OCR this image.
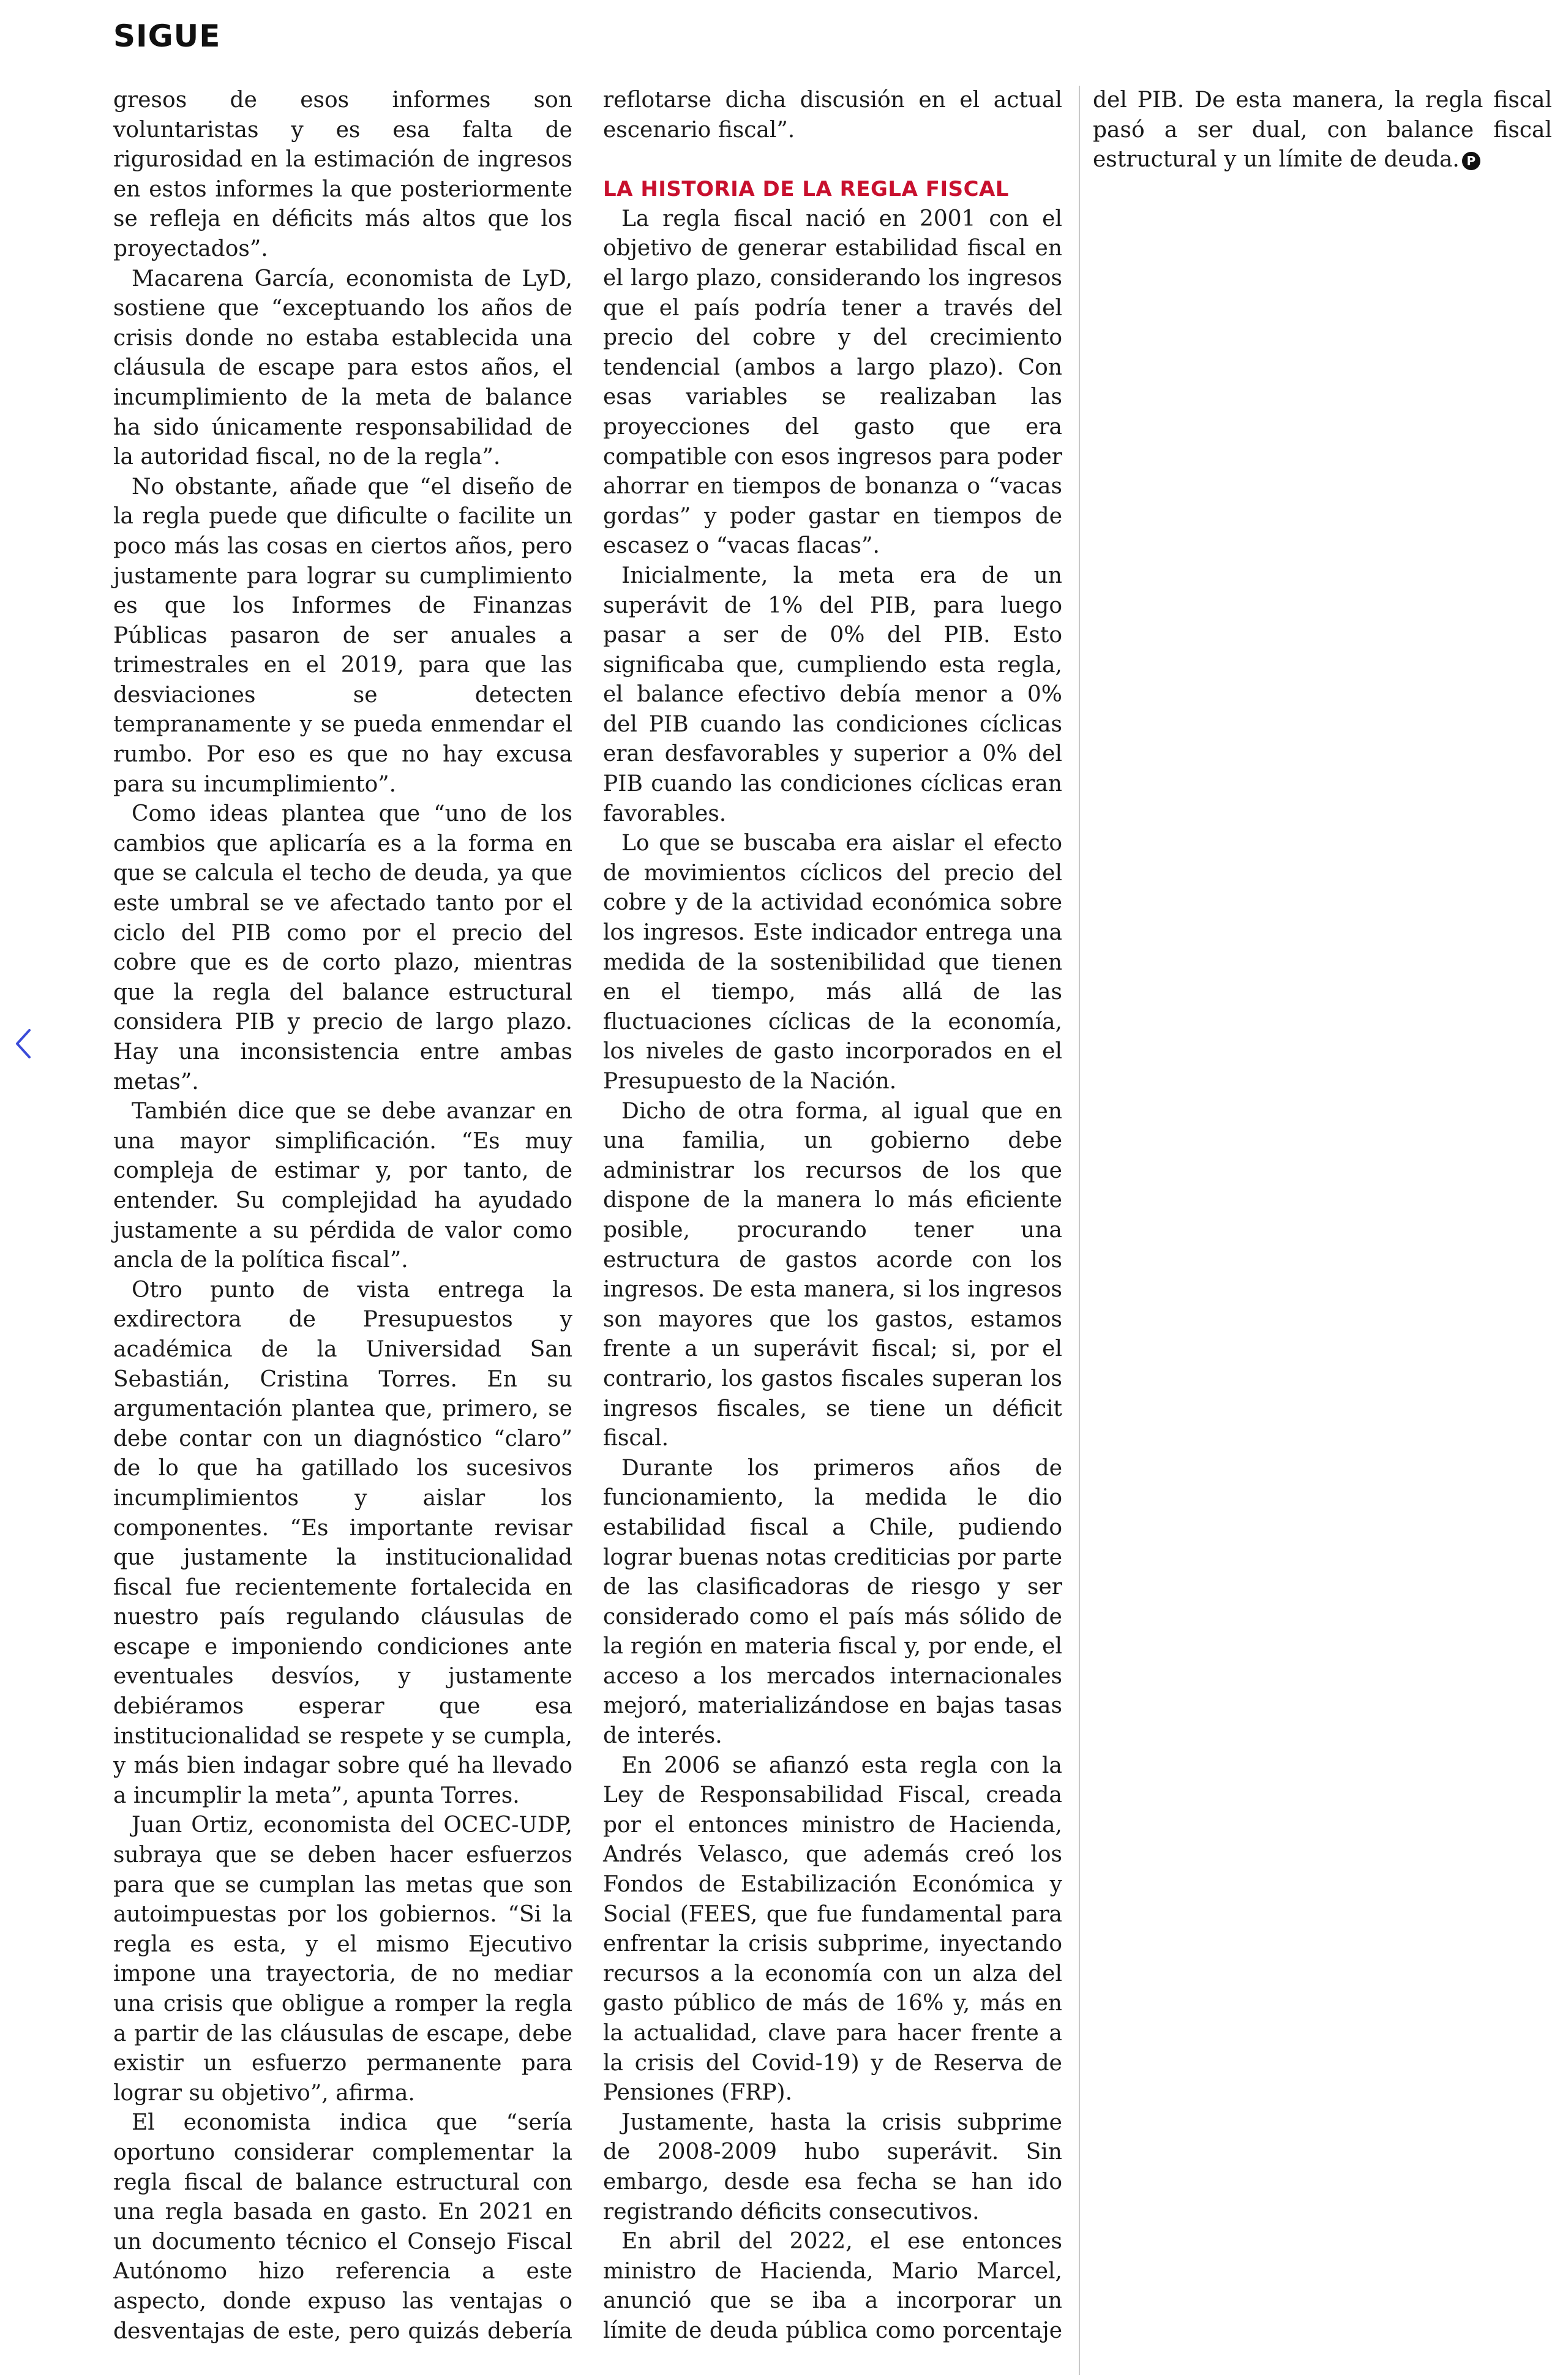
SIGUE

gresos de esos informes son voluntaristas y es esa falta de rigurosidad en la estimación de ingresos en estos informes la que posteriormente se refleja en déficits más altos que los proyectados”.

Macarena García, economista de LyD, sostiene que “exceptuando los años de crisis donde no estaba establecida una cláusula de escape para estos años, el incumplimiento de la meta de balance ha sido únicamente responsabilidad de la autoridad fiscal, no de la regla”.

No obstante, añade que “el diseño de la regla puede que dificulte o facilite un poco más las cosas en ciertos años, pero justamente para lograr su cumplimiento es que los Informes de Finanzas Públicas pasaron de ser anuales a trimestrales en el 2019, para que las desviaciones se detecten tempranamente y se pueda enmendar el rumbo. Por eso es que no hay excusa para su incumplimiento”.

Como ideas plantea que “uno de los cambios que aplicaría es a la forma en que se calcula el techo de deuda, ya que este umbral se ve afectado tanto por el ciclo del PIB como por el precio del cobre que es de corto plazo, mientras que la regla del balance estructural considera PIB y precio de largo plazo. Hay una inconsistencia entre ambas metas”.

También dice que se debe avanzar en una mayor simplificación. “Es muy compleja de estimar y, por tanto, de entender. Su complejidad ha ayudado justamente a su pérdida de valor como ancla de la política fiscal”.

Otro punto de vista entrega la exdirectora de Presupuestos y académica de la Universidad San Sebastián, Cristina Torres. En su argumentación plantea que, primero, se debe contar con un diagnóstico “claro” de lo que ha gatillado los sucesivos incumplimientos y aislar los componentes. “Es importante revisar que justamente la institucionalidad fiscal fue recientemente fortalecida en nuestro país regulando cláusulas de escape e imponiendo condiciones ante eventuales desvíos, y justamente debiéramos esperar que esa institucionalidad se respete y se cumpla, y más bien indagar sobre qué ha llevado a incumplir la meta”, apunta Torres.

Juan Ortiz, economista del OCEC-UDP, subraya que se deben hacer esfuerzos para que se cumplan las metas que son autoimpuestas por los gobiernos. “Si la regla es esta, y el mismo Ejecutivo impone una trayectoria, de no mediar una crisis que obligue a romper la regla a partir de las cláusulas de escape, debe existir un esfuerzo permanente para lograr su objetivo”, afirma.

El economista indica que “sería oportuno considerar complementar la regla fiscal de balance estructural con una regla basada en gasto. En 2021 en un documento técnico el Consejo Fiscal Autónomo hizo referencia a este aspecto, donde expuso las ventajas o desventajas de este, pero quizás debería reflotarse dicha discusión en el actual escenario fiscal”.

LA HISTORIA DE LA REGLA FISCAL

La regla fiscal nació en 2001 con el objetivo de generar estabilidad fiscal en el largo plazo, considerando los ingresos que el país podría tener a través del precio del cobre y del crecimiento tendencial (ambos a largo plazo). Con esas variables se realizaban las proyecciones del gasto que era compatible con esos ingresos para poder ahorrar en tiempos de bonanza o “vacas gordas” y poder gastar en tiempos de escasez o “vacas flacas”.

Inicialmente, la meta era de un superávit de 1% del PIB, para luego pasar a ser de 0% del PIB. Esto significaba que, cumpliendo esta regla, el balance efectivo debía menor a 0% del PIB cuando las condiciones cíclicas eran desfavorables y superior a 0% del PIB cuando las condiciones cíclicas eran favorables.

Lo que se buscaba era aislar el efecto de movimientos cíclicos del precio del cobre y de la actividad económica sobre los ingresos. Este indicador entrega una medida de la sostenibilidad que tienen en el tiempo, más allá de las fluctuaciones cíclicas de la economía, los niveles de gasto incorporados en el Presupuesto de la Nación.

Dicho de otra forma, al igual que en una familia, un gobierno debe administrar los recursos de los que dispone de la manera lo más eficiente posible, procurando tener una estructura de gastos acorde con los ingresos. De esta manera, si los ingresos son mayores que los gastos, estamos frente a un superávit fiscal; si, por el contrario, los gastos fiscales superan los ingresos fiscales, se tiene un déficit fiscal.

Durante los primeros años de funcionamiento, la medida le dio estabilidad fiscal a Chile, pudiendo lograr buenas notas crediticias por parte de las clasificadoras de riesgo y ser considerado como el país más sólido de la región en materia fiscal y, por ende, el acceso a los mercados internacionales mejoró, materializándose en bajas tasas de interés.

En 2006 se afianzó esta regla con la Ley de Responsabilidad Fiscal, creada por el entonces ministro de Hacienda, Andrés Velasco, que además creó los Fondos de Estabilización Económica y Social (FEES, que fue fundamental para enfrentar la crisis subprime, inyectando recursos a la economía con un alza del gasto público de más de 16% y, más en la actualidad, clave para hacer frente a la crisis del Covid-19) y de Reserva de Pensiones (FRP).

Justamente, hasta la crisis subprime de 2008-2009 hubo superávit. Sin embargo, desde esa fecha se han ido registrando déficits consecutivos.

En abril del 2022, el ese entonces ministro de Hacienda, Mario Marcel, anunció que se iba a incorporar un límite de deuda pública como porcentaje del PIB. De esta manera, la regla fiscal pasó a ser dual, con balance fiscal estructural y un límite de deuda. P
